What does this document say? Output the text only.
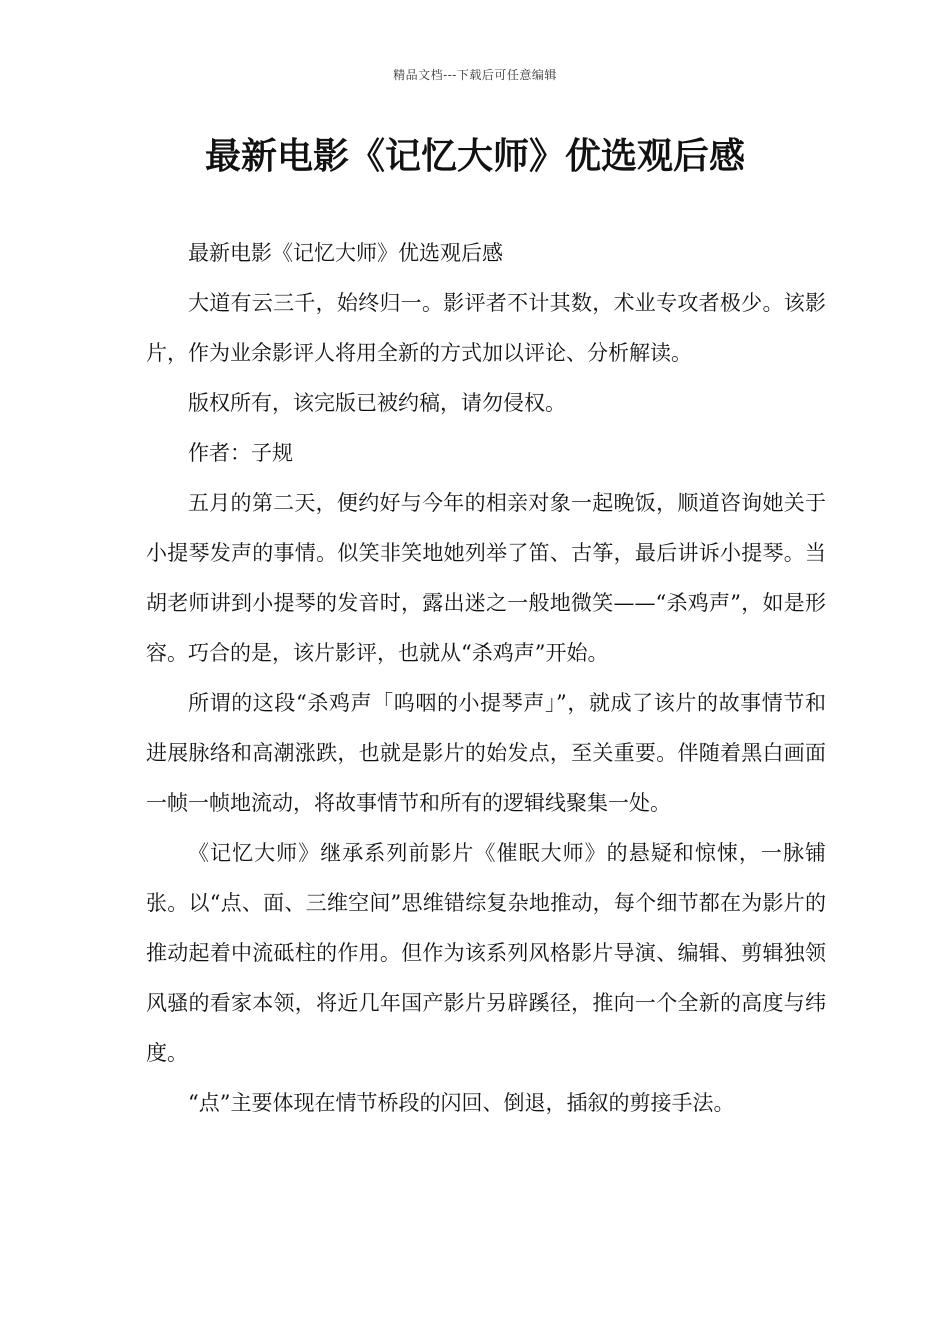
精品文档---下载后可任意编辑
最新电影《记忆大师》优选观后感

最新电影《记忆大师》优选观后感

大道有云三千，始终归一。影评者不计其数，术业专攻者极少。该影片，作为业余影评人将用全新的方式加以评论、分析解读。

版权所有，该完版已被约稿，请勿侵权。

作者：子规

五月的第二天，便约好与今年的相亲对象一起晚饭，顺道咨询她关于小提琴发声的事情。似笑非笑地她列举了笛、古筝，最后讲诉小提琴。当胡老师讲到小提琴的发音时，露出迷之一般地微笑——“杀鸡声”，如是形容。巧合的是，该片影评，也就从“杀鸡声”开始。

所谓的这段“杀鸡声「呜咽的小提琴声」”，就成了该片的故事情节和进展脉络和高潮涨跌，也就是影片的始发点，至关重要。伴随着黑白画面一帧一帧地流动，将故事情节和所有的逻辑线聚集一处。

《记忆大师》继承系列前影片《催眠大师》的悬疑和惊悚，一脉铺张。以“点、面、三维空间”思维错综复杂地推动，每个细节都在为影片的推动起着中流砥柱的作用。但作为该系列风格影片导演、编辑、剪辑独领风骚的看家本领，将近几年国产影片另辟蹊径，推向一个全新的高度与纬度。

“点”主要体现在情节桥段的闪回、倒退，插叙的剪接手法。
